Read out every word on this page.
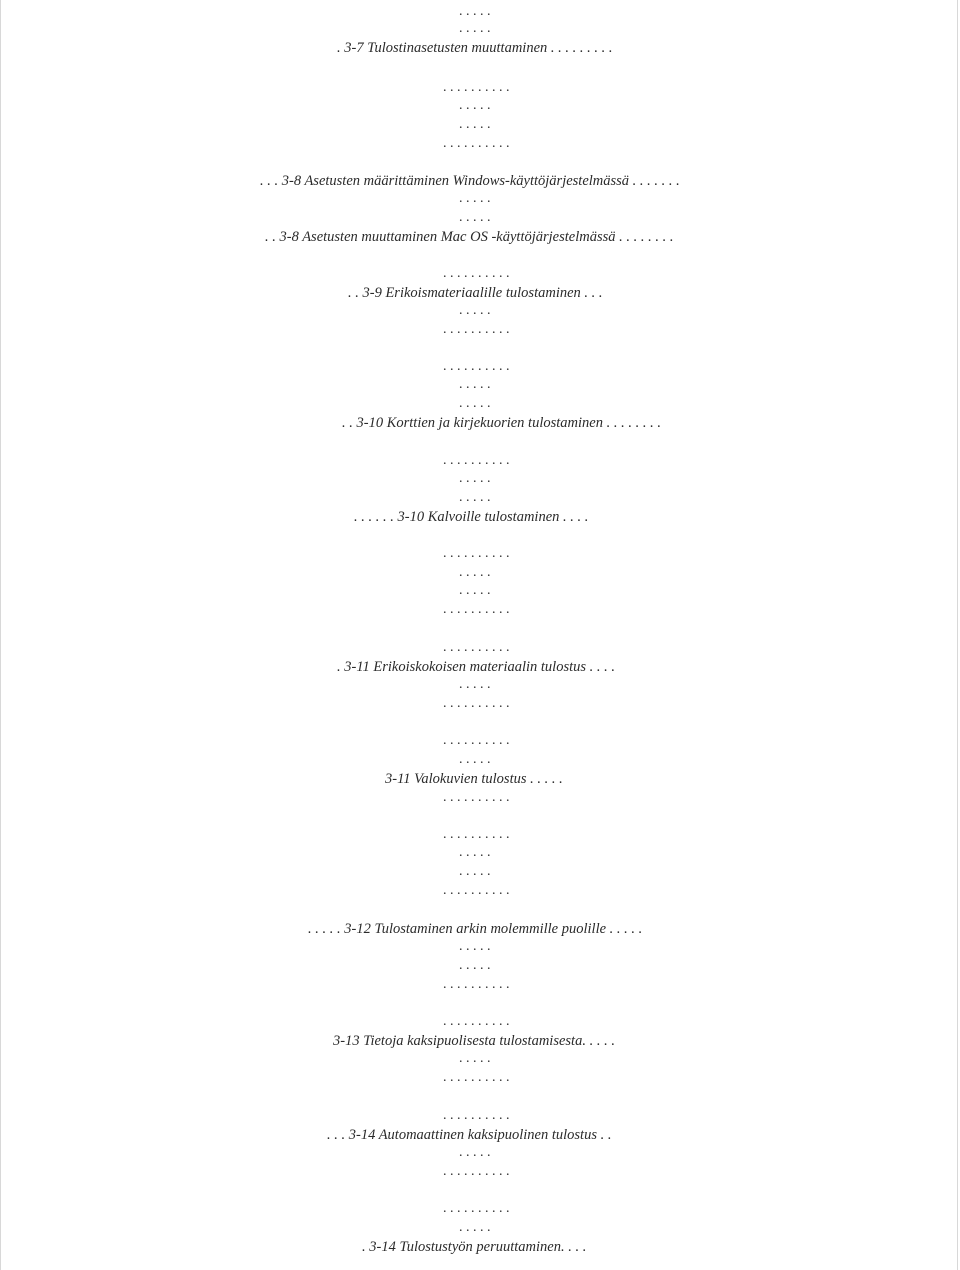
. . . . .
. . . . .
. 3-7 Tulostinasetusten muuttaminen . . . . . . . . .
. . . . . . . . . .
. . . . .
. . . . .
. . . . . . . . . .
. . . 3-8 Asetusten määrittäminen Windows-käyttöjärjestelmässä . . . . . . .
. . . . .
. . . . .
. . 3-8 Asetusten muuttaminen Mac OS -käyttöjärjestelmässä . . . . . . . .
. . . . . . . . . .
. . 3-9 Erikoismateriaalille tulostaminen . . .
. . . . .
. . . . . . . . . .
. . . . . . . . . .
. . . . .
. . . . .
. . 3-10 Korttien ja kirjekuorien tulostaminen . . . . . . . .
. . . . . . . . . .
. . . . .
. . . . .
. . . . . . 3-10 Kalvoille tulostaminen . . . .
. . . . . . . . . .
. . . . .
. . . . .
. . . . . . . . . .
. . . . . . . . . .
. 3-11 Erikoiskokoisen materiaalin tulostus . . . .
. . . . .
. . . . . . . . . .
. . . . . . . . . .
. . . . .
3-11 Valokuvien tulostus . . . . .
. . . . . . . . . .
. . . . . . . . . .
. . . . .
. . . . .
. . . . . . . . . .
. . . . . 3-12 Tulostaminen arkin molemmille puolille . . . . .
. . . . .
. . . . .
. . . . . . . . . .
. . . . . . . . . .
3-13 Tietoja kaksipuolisesta tulostamisesta. . . . .
. . . . .
. . . . . . . . . .
. . . . . . . . . .
. . . 3-14 Automaattinen kaksipuolinen tulostus . .
. . . . .
. . . . . . . . . .
. . . . . . . . . .
. . . . .
. 3-14 Tulostustyön peruuttaminen. . . .
